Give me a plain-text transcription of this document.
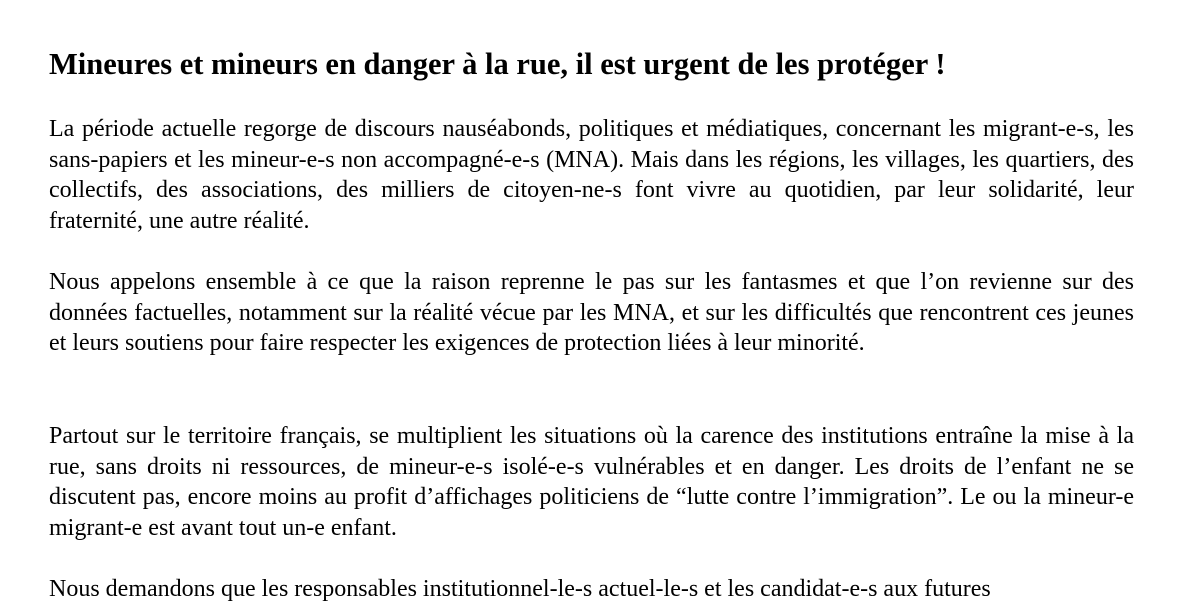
Mineures et mineurs en danger à la rue, il est urgent de les protéger !

La période actuelle regorge de discours nauséabonds, politiques et médiatiques, concernant les migrant-e-s, les sans-papiers et les mineur-e-s non accompagné-e-s (MNA). Mais dans les régions, les villages, les quartiers, des collectifs, des associations, des milliers de citoyen-ne-s font vivre au quotidien, par leur solidarité, leur fraternité, une autre réalité.

Nous appelons ensemble à ce que la raison reprenne le pas sur les fantasmes et que l’on revienne sur des données factuelles, notamment sur la réalité vécue par les MNA, et sur les difficultés que rencontrent ces jeunes et leurs soutiens pour faire respecter les exigences de protection liées à leur minorité.

Partout sur le territoire français, se multiplient les situations où la carence des institutions entraîne la mise à la rue, sans droits ni ressources, de mineur-e-s isolé-e-s vulnérables et en danger. Les droits de l’enfant ne se discutent pas, encore moins au profit d’affichages politiciens de “lutte contre l’immigration”. Le ou la mineur-e migrant-e est avant tout un-e enfant.

Nous demandons que les responsables institutionnel-le-s actuel-le-s et les candidat-e-s aux futures
